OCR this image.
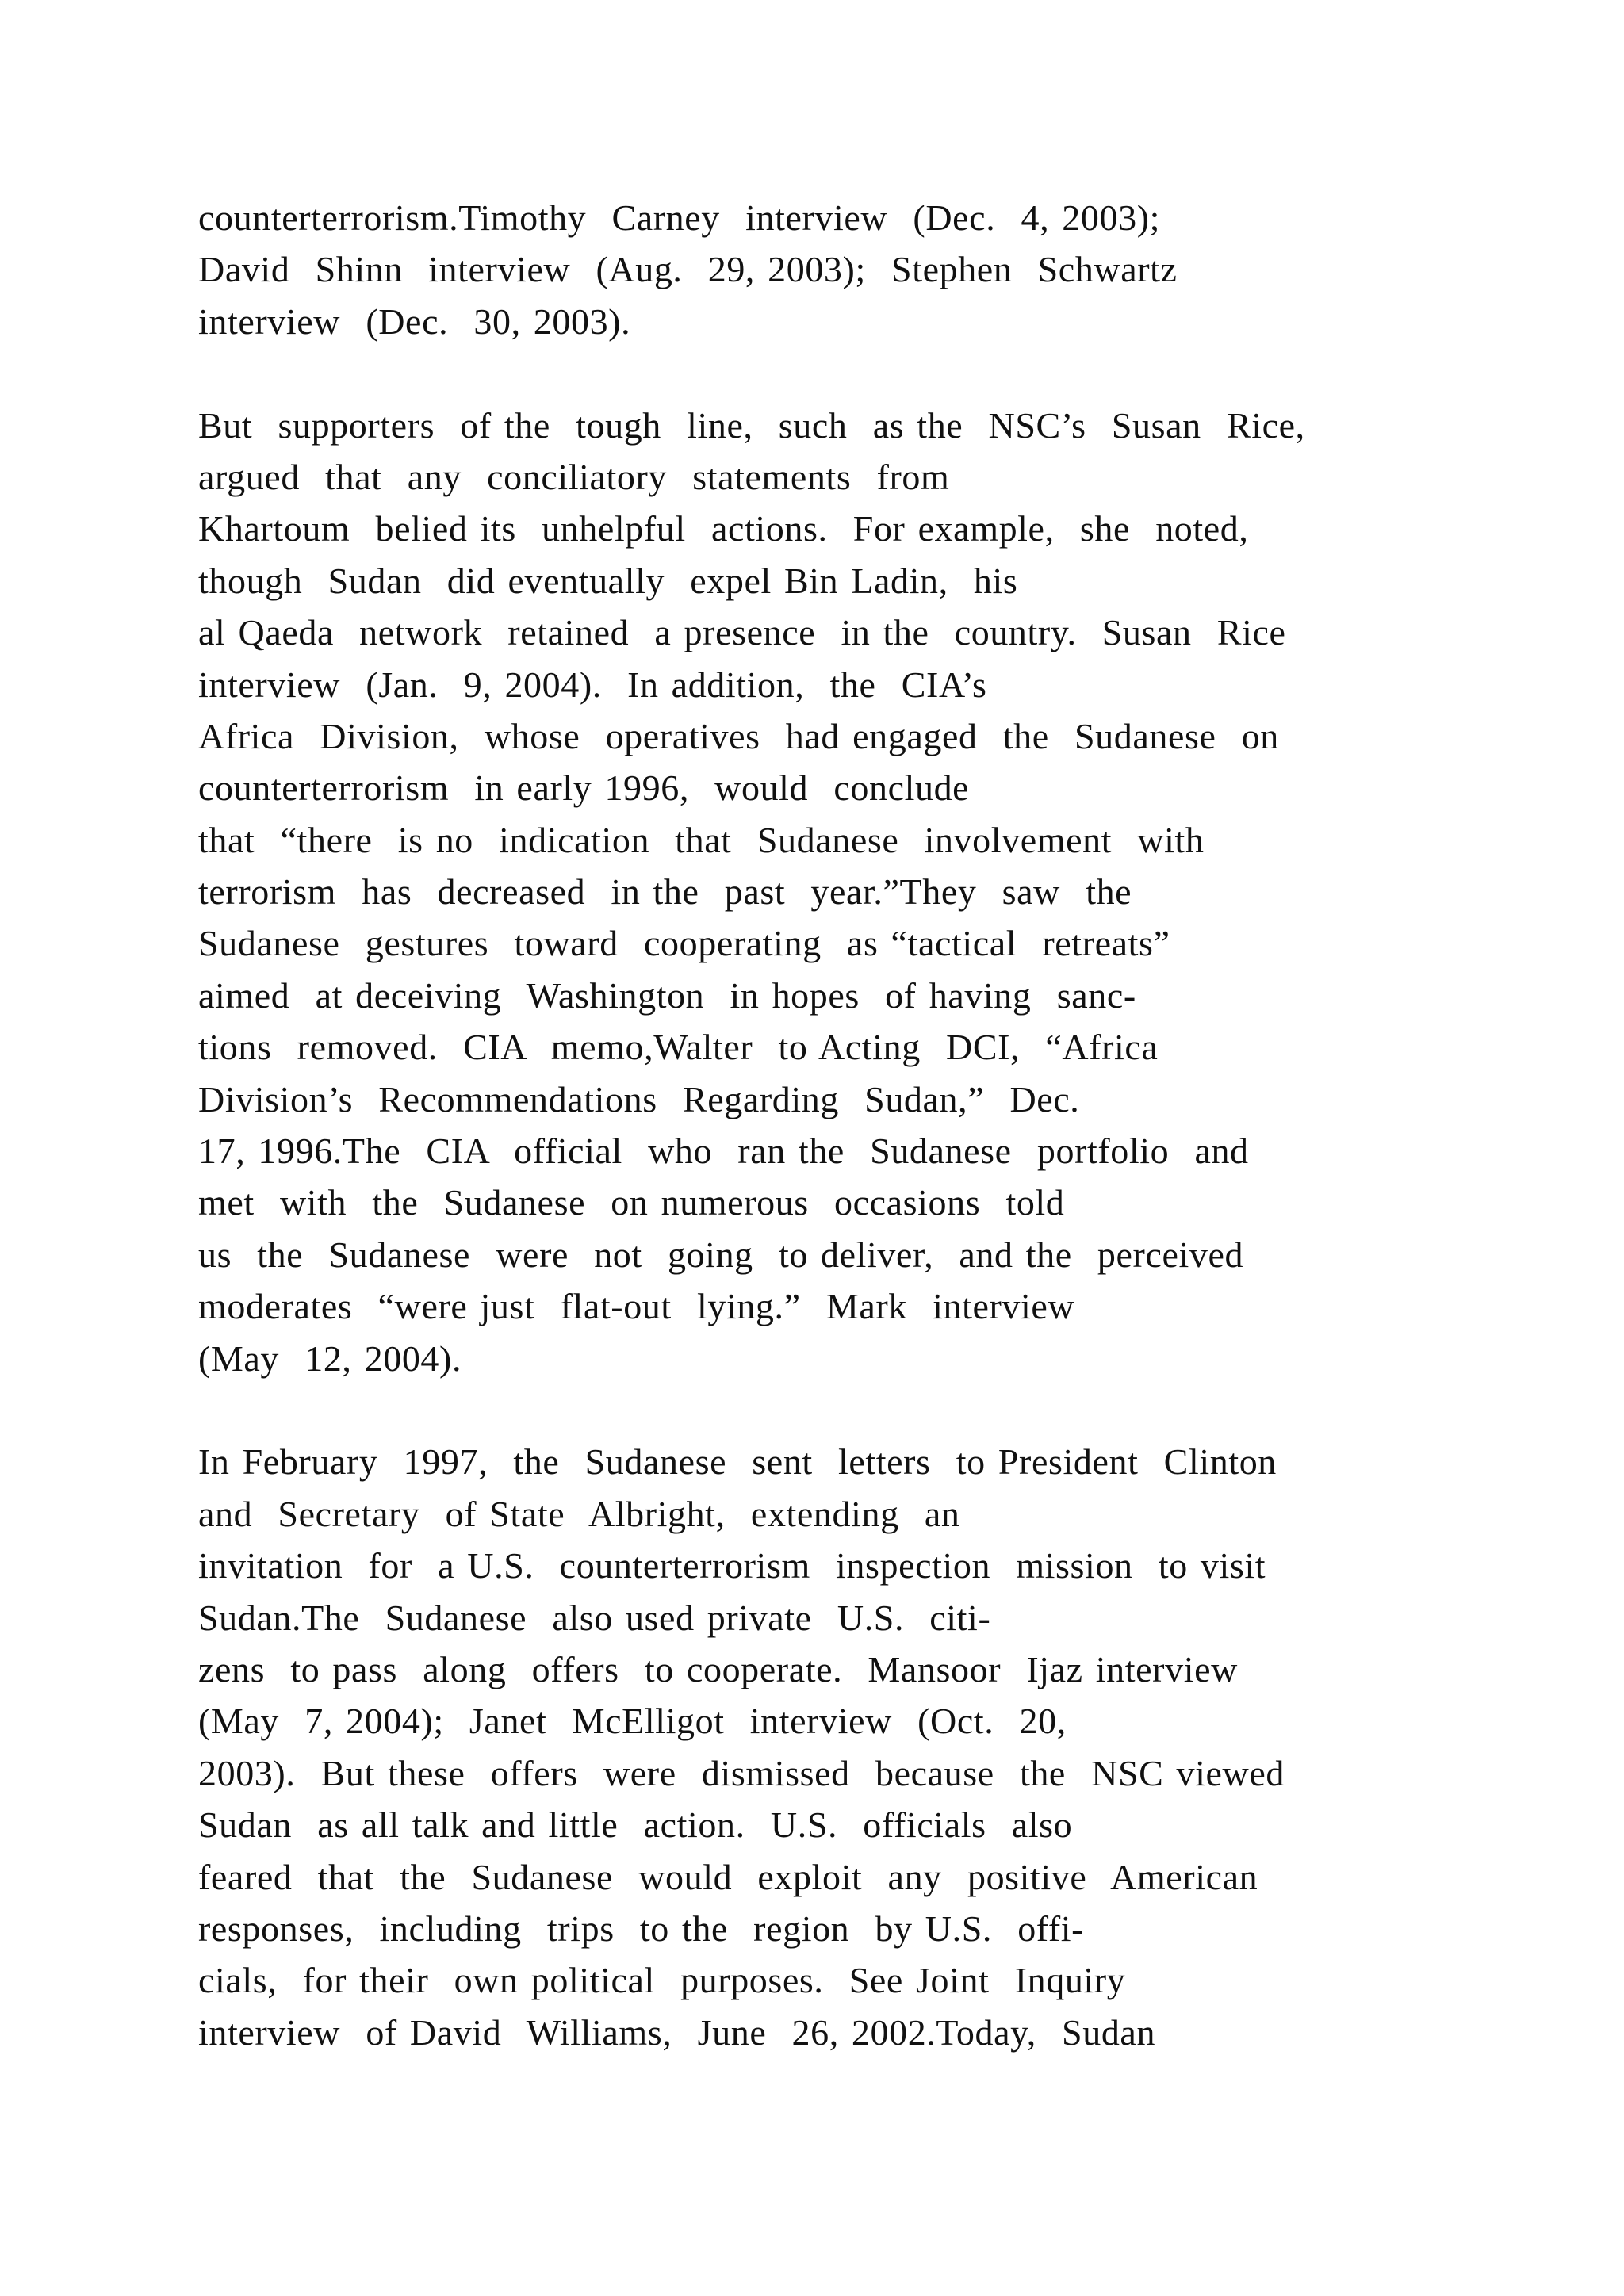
counterterrorism.Timothy  Carney  interview  (Dec.  4, 2003);
David  Shinn  interview  (Aug.  29, 2003);  Stephen  Schwartz
interview  (Dec.  30, 2003).
But  supporters  of the  tough  line,  such  as the  NSC’s  Susan  Rice,
argued  that  any  conciliatory  statements  from
Khartoum  belied its  unhelpful  actions.  For example,  she  noted,
though  Sudan  did eventually  expel Bin Ladin,  his
al Qaeda  network  retained  a presence  in the  country.  Susan  Rice
interview  (Jan.  9, 2004).  In addition,  the  CIA’s
Africa  Division,  whose  operatives  had engaged  the  Sudanese  on
counterterrorism  in early 1996,  would  conclude
that  “there  is no  indication  that  Sudanese  involvement  with
terrorism  has  decreased  in the  past  year.”They  saw  the
Sudanese  gestures  toward  cooperating  as “tactical  retreats”
aimed  at deceiving  Washington  in hopes  of having  sanc-
tions  removed.  CIA  memo,Walter  to Acting  DCI,  “Africa
Division’s  Recommendations  Regarding  Sudan,”  Dec.
17, 1996.The  CIA  official  who  ran the  Sudanese  portfolio  and
met  with  the  Sudanese  on numerous  occasions  told
us  the  Sudanese  were  not  going  to deliver,  and the  perceived
moderates  “were just  flat-out  lying.”  Mark  interview
(May  12, 2004).
In February  1997,  the  Sudanese  sent  letters  to President  Clinton
and  Secretary  of State  Albright,  extending  an
invitation  for  a U.S.  counterterrorism  inspection  mission  to visit
Sudan.The  Sudanese  also used private  U.S.  citi-
zens  to pass  along  offers  to cooperate.  Mansoor  Ijaz interview
(May  7, 2004);  Janet  McElligot  interview  (Oct.  20,
2003).  But these  offers  were  dismissed  because  the  NSC viewed
Sudan  as all talk and little  action.  U.S.  officials  also
feared  that  the  Sudanese  would  exploit  any  positive  American
responses,  including  trips  to the  region  by U.S.  offi-
cials,  for their  own political  purposes.  See Joint  Inquiry
interview  of David  Williams,  June  26, 2002.Today,  Sudan
